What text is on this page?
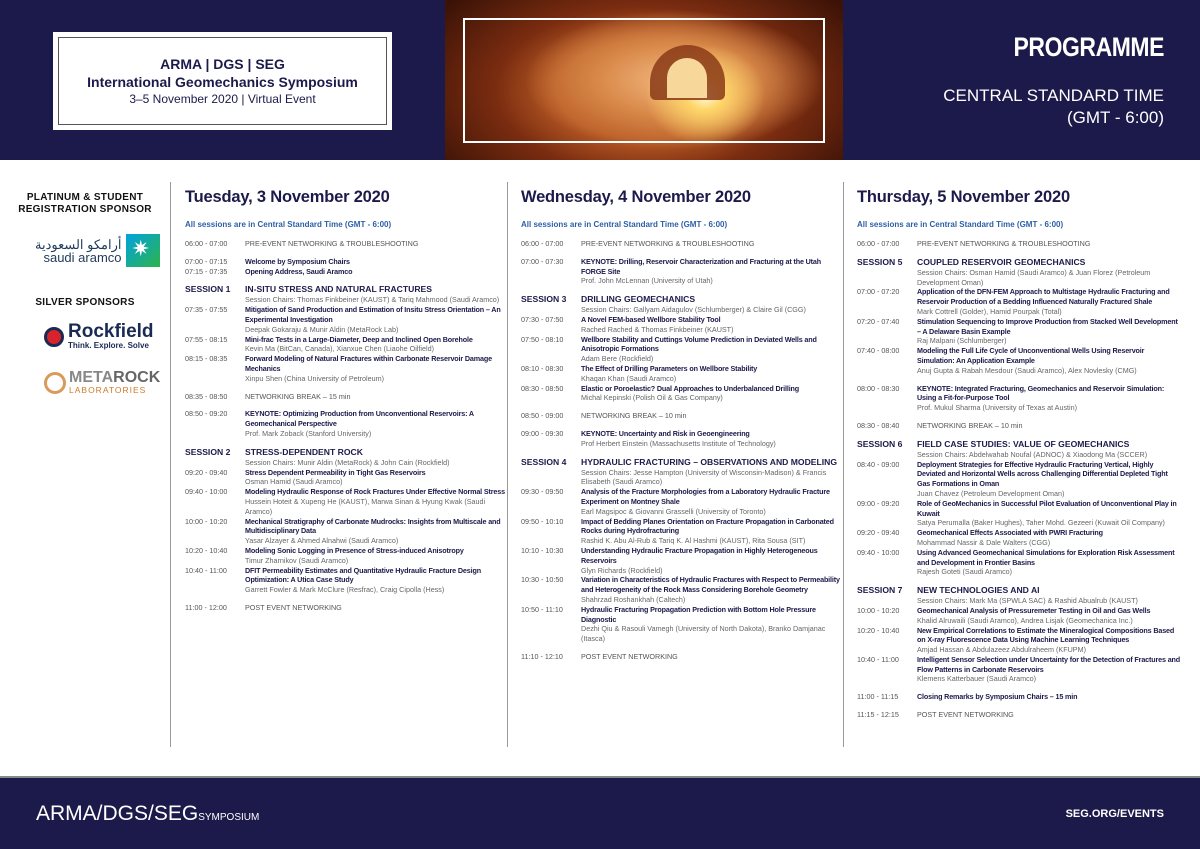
ARMA | DGS | SEG
International Geomechanics Symposium
3–5 November 2020 | Virtual Event
PROGRAMME
CENTRAL STANDARD TIME
(GMT - 6:00)
PLATINUM & STUDENT
REGISTRATION SPONSOR
أرامكو السعودية
saudi aramco
✷
SILVER SPONSORS
Rockfield
Think. Explore. Solve
METAROCK
LABORATORIES
Tuesday, 3 November 2020
All sessions are in Central Standard Time (GMT - 6:00)
06:00 - 07:00	PRE-EVENT NETWORKING & TROUBLESHOOTING
07:00 - 07:15	Welcome by Symposium Chairs
07:15 - 07:35	Opening Address, Saudi Aramco
SESSION 1	IN-SITU STRESS AND NATURAL FRACTURES
Session Chairs: Thomas Finkbeiner (KAUST) & Tariq Mahmood (Saudi Aramco)
07:35 - 07:55	Mitigation of Sand Production and Estimation of Insitu Stress Orientation – An Experimental Investigation
Deepak Gokaraju & Munir Aldin (MetaRock Lab)
07:55 - 08:15	Mini-frac Tests in a Large-Diameter, Deep and Inclined Open Borehole
Kevin Ma (BitCan, Canada), Xianxue Chen (Liaohe Oilfield)
08:15 - 08:35	Forward Modeling of Natural Fractures within Carbonate Reservoir Damage Mechanics
Xinpu Shen (China University of Petroleum)
08:35 - 08:50	NETWORKING BREAK – 15 min
08:50 - 09:20	KEYNOTE: Optimizing Production from Unconventional Reservoirs: A Geomechanical Perspective
Prof. Mark Zoback (Stanford University)
SESSION 2	STRESS-DEPENDENT ROCK
Session Chairs: Munir Aldin (MetaRock) & John Cain (Rockfield)
09:20 - 09:40	Stress Dependent Permeability in Tight Gas Reservoirs
Osman Hamid (Saudi Aramco)
09:40 - 10:00	Modeling Hydraulic Response of Rock Fractures Under Effective Normal Stress
Hussein Hoteit & Xupeng He (KAUST), Marwa Sinan & Hyung Kwak (Saudi Aramco)
10:00 - 10:20	Mechanical Stratigraphy of Carbonate Mudrocks: Insights from Multiscale and Multidisciplinary Data
Yasar Alzayer & Ahmed Alnahwi (Saudi Aramco)
10:20 - 10:40	Modeling Sonic Logging in Presence of Stress-induced Anisotropy
Timur Zharnikov (Saudi Aramco)
10:40 - 11:00	DFIT Permeability Estimates and Quantitative Hydraulic Fracture Design Optimization: A Utica Case Study
Garrett Fowler & Mark McClure (Resfrac), Craig Cipolla (Hess)
11:00 - 12:00	POST EVENT NETWORKING
Wednesday, 4 November 2020
All sessions are in Central Standard Time (GMT - 6:00)
06:00 - 07:00	PRE-EVENT NETWORKING & TROUBLESHOOTING
07:00 - 07:30	KEYNOTE: Drilling, Reservoir Characterization and Fracturing at the Utah FORGE Site
Prof. John McLennan (University of Utah)
SESSION 3	DRILLING GEOMECHANICS
Session Chairs: Gallyam Aidagulov (Schlumberger) & Claire Gil (CGG)
07:30 - 07:50	A Novel FEM-based Wellbore Stability Tool
Rached Rached & Thomas Finkbeiner (KAUST)
07:50 - 08:10	Wellbore Stability and Cuttings Volume Prediction in Deviated Wells and Anisotropic Formations
Adam Bere (Rockfield)
08:10 - 08:30	The Effect of Drilling Parameters on Wellbore Stability
Khaqan Khan (Saudi Aramco)
08:30 - 08:50	Elastic or Poroelastic? Dual Approaches to Underbalanced Drilling
Michal Kepinski (Polish Oil & Gas Company)
08:50 - 09:00	NETWORKING BREAK – 10 min
09:00 - 09:30	KEYNOTE: Uncertainty and Risk in Geoengineering
Prof Herbert Einstein (Massachusetts Institute of Technology)
SESSION 4	HYDRAULIC FRACTURING – OBSERVATIONS AND MODELING
Session Chairs: Jesse Hampton (University of Wisconsin-Madison) & Francis Elisabeth (Saudi Aramco)
09:30 - 09:50	Analysis of the Fracture Morphologies from a Laboratory Hydraulic Fracture Experiment on Montney Shale
Earl Magsipoc & Giovanni Grasselli (University of Toronto)
09:50 - 10:10	Impact of Bedding Planes Orientation on Fracture Propagation in Carbonated Rocks during Hydrofracturing
Rashid K. Abu Al-Rub & Tariq K. Al Hashmi (KAUST), Rita Sousa (SIT)
10:10 - 10:30	Understanding Hydraulic Fracture Propagation in Highly Heterogeneous Reservoirs
Glyn Richards (Rockfield)
10:30 - 10:50	Variation in Characteristics of Hydraulic Fractures with Respect to Permeability and Heterogeneity of the Rock Mass Considering Borehole Geometry
Shahrzad Roshankhah (Caltech)
10:50 - 11:10	Hydraulic Fracturing Propagation Prediction with Bottom Hole Pressure Diagnostic
Dezhi Qiu & Rasouli Vamegh (University of North Dakota), Branko Damjanac (Itasca)
11:10 - 12:10	POST EVENT NETWORKING
Thursday, 5 November 2020
All sessions are in Central Standard Time (GMT - 6:00)
06:00 - 07:00	PRE-EVENT NETWORKING & TROUBLESHOOTING
SESSION 5	COUPLED RESERVOIR GEOMECHANICS
Session Chairs: Osman Hamid (Saudi Aramco) & Juan Florez (Petroleum Development Oman)
07:00 - 07:20	Application of the DFN-FEM Approach to Multistage Hydraulic Fracturing and Reservoir Production of a Bedding Influenced Naturally Fractured Shale
Mark Cottrell (Golder), Hamid Pourpak (Total)
07:20 - 07:40	Stimulation Sequencing to Improve Production from Stacked Well Development – A Delaware Basin Example
Raj Malpani (Schlumberger)
07:40 - 08:00	Modeling the Full Life Cycle of Unconventional Wells Using Reservoir Simulation: An Application Example
Anuj Gupta & Rabah Mesdour (Saudi Aramco), Alex Novlesky (CMG)
08:00 - 08:30	KEYNOTE: Integrated Fracturing, Geomechanics and Reservoir Simulation: Using a Fit-for-Purpose Tool
Prof. Mukul Sharma (University of Texas at Austin)
08:30 - 08:40	NETWORKING BREAK – 10 min
SESSION 6	FIELD CASE STUDIES: VALUE OF GEOMECHANICS
Session Chairs: Abdelwahab Noufal (ADNOC) & Xiaodong Ma (SCCER)
08:40 - 09:00	Deployment Strategies for Effective Hydraulic Fracturing Vertical, Highly Deviated and Horizontal Wells across Challenging Differential Depleted Tight Gas Formations in Oman
Juan Chavez (Petroleum Development Oman)
09:00 - 09:20	Role of GeoMechanics in Successful Pilot Evaluation of Unconventional Play in Kuwait
Satya Perumalla (Baker Hughes), Taher Mohd. Gezeeri (Kuwait Oil Company)
09:20 - 09:40	Geomechanical Effects Associated with PWRI Fracturing
Mohammad Nassir & Dale Walters (CGG)
09:40 - 10:00	Using Advanced Geomechanical Simulations for Exploration Risk Assessment and Development in Frontier Basins
Rajesh Goteti (Saudi Aramco)
SESSION 7	NEW TECHNOLOGIES AND AI
Session Chairs: Mark Ma (SPWLA SAC) & Rashid Abualrub (KAUST)
10:00 - 10:20	Geomechanical Analysis of Pressuremeter Testing in Oil and Gas Wells
Khalid Alruwaili (Saudi Aramco), Andrea Lisjak (Geomechanica Inc.)
10:20 - 10:40	New Empirical Correlations to Estimate the Mineralogical Compositions Based on X-ray Fluorescence Data Using Machine Learning Techniques
Amjad Hassan & Abdulazeez Abdulraheem (KFUPM)
10:40 - 11:00	Intelligent Sensor Selection under Uncertainty for the Detection of Fractures and Flow Patterns in Carbonate Reservoirs
Klemens Katterbauer (Saudi Aramco)
11:00 - 11:15	Closing Remarks by Symposium Chairs – 15 min
11:15 - 12:15	POST EVENT NETWORKING
ARMA/DGS/SEGSYMPOSIUM	SEG.ORG/EVENTS
